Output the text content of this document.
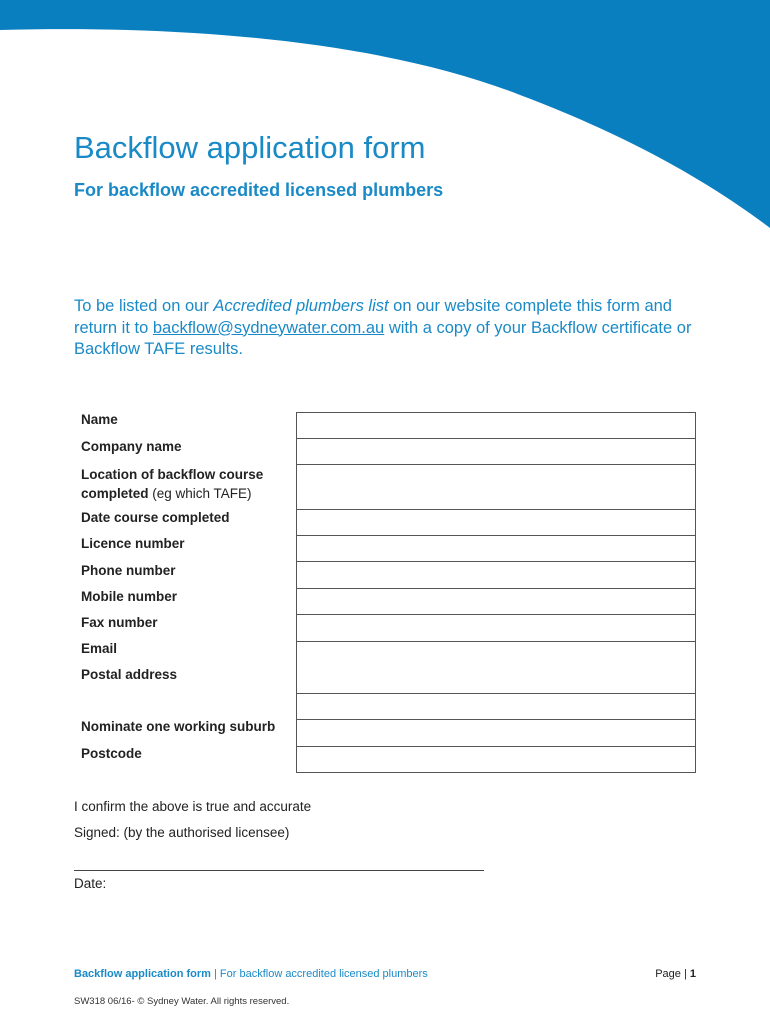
Backflow application form
For backflow accredited licensed plumbers

To be listed on our Accredited plumbers list on our website complete this form and return it to backflow@sydneywater.com.au with a copy of your Backflow certificate or Backflow TAFE results.

Name
Company name
Location of backflow course
completed (eg which TAFE)
Date course completed
Licence number
Phone number
Mobile number
Fax number
Email
Postal address
Nominate one working suburb
Postcode
I confirm the above is true and accurate
Signed: (by the authorised licensee)
Date:
Backflow application form | For backflow accredited licensed plumbers	Page | 1
SW318 06/16- © Sydney Water. All rights reserved.
